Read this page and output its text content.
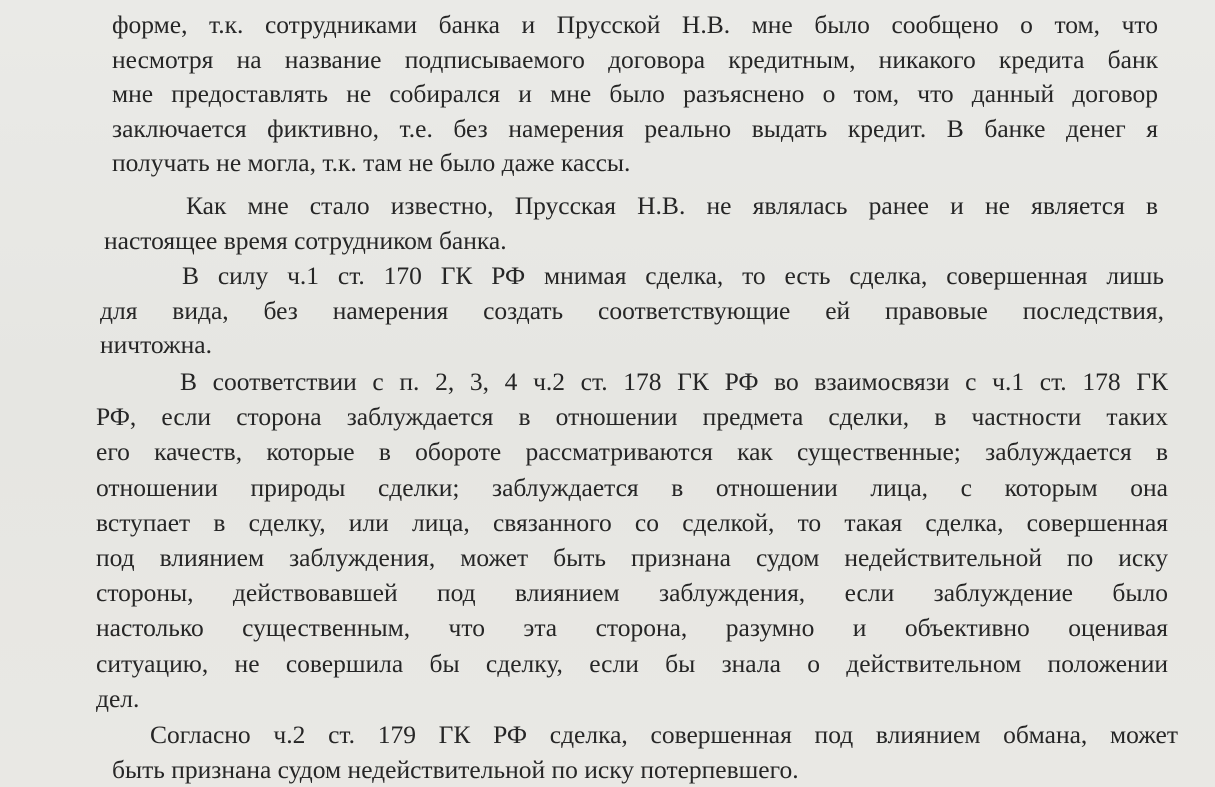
форме, т.к. сотрудниками банка и Прусской Н.В. мне было сообщено о том, что
несмотря на название подписываемого договора кредитным, никакого кредита банк
мне предоставлять не собирался и мне было разъяснено о том, что данный договор
заключается фиктивно, т.е. без намерения реально выдать кредит. В банке денег я
получать не могла, т.к. там не было даже кассы.
Как мне стало известно, Прусская Н.В. не являлась ранее и не является в
настоящее время сотрудником банка.
В силу ч.1 ст. 170 ГК РФ мнимая сделка, то есть сделка, совершенная лишь
для вида, без намерения создать соответствующие ей правовые последствия,
ничтожна.
В соответствии с п. 2, 3, 4 ч.2 ст. 178 ГК РФ во взаимосвязи с ч.1 ст. 178 ГК
РФ, если сторона заблуждается в отношении предмета сделки, в частности таких
его качеств, которые в обороте рассматриваются как существенные; заблуждается в
отношении природы сделки; заблуждается в отношении лица, с которым она
вступает в сделку, или лица, связанного со сделкой, то такая сделка, совершенная
под влиянием заблуждения, может быть признана судом недействительной по иску
стороны, действовавшей под влиянием заблуждения, если заблуждение было
настолько существенным, что эта сторона, разумно и объективно оценивая
ситуацию, не совершила бы сделку, если бы знала о действительном положении
дел.
Согласно ч.2 ст. 179 ГК РФ сделка, совершенная под влиянием обмана, может
быть признана судом недействительной по иску потерпевшего.
